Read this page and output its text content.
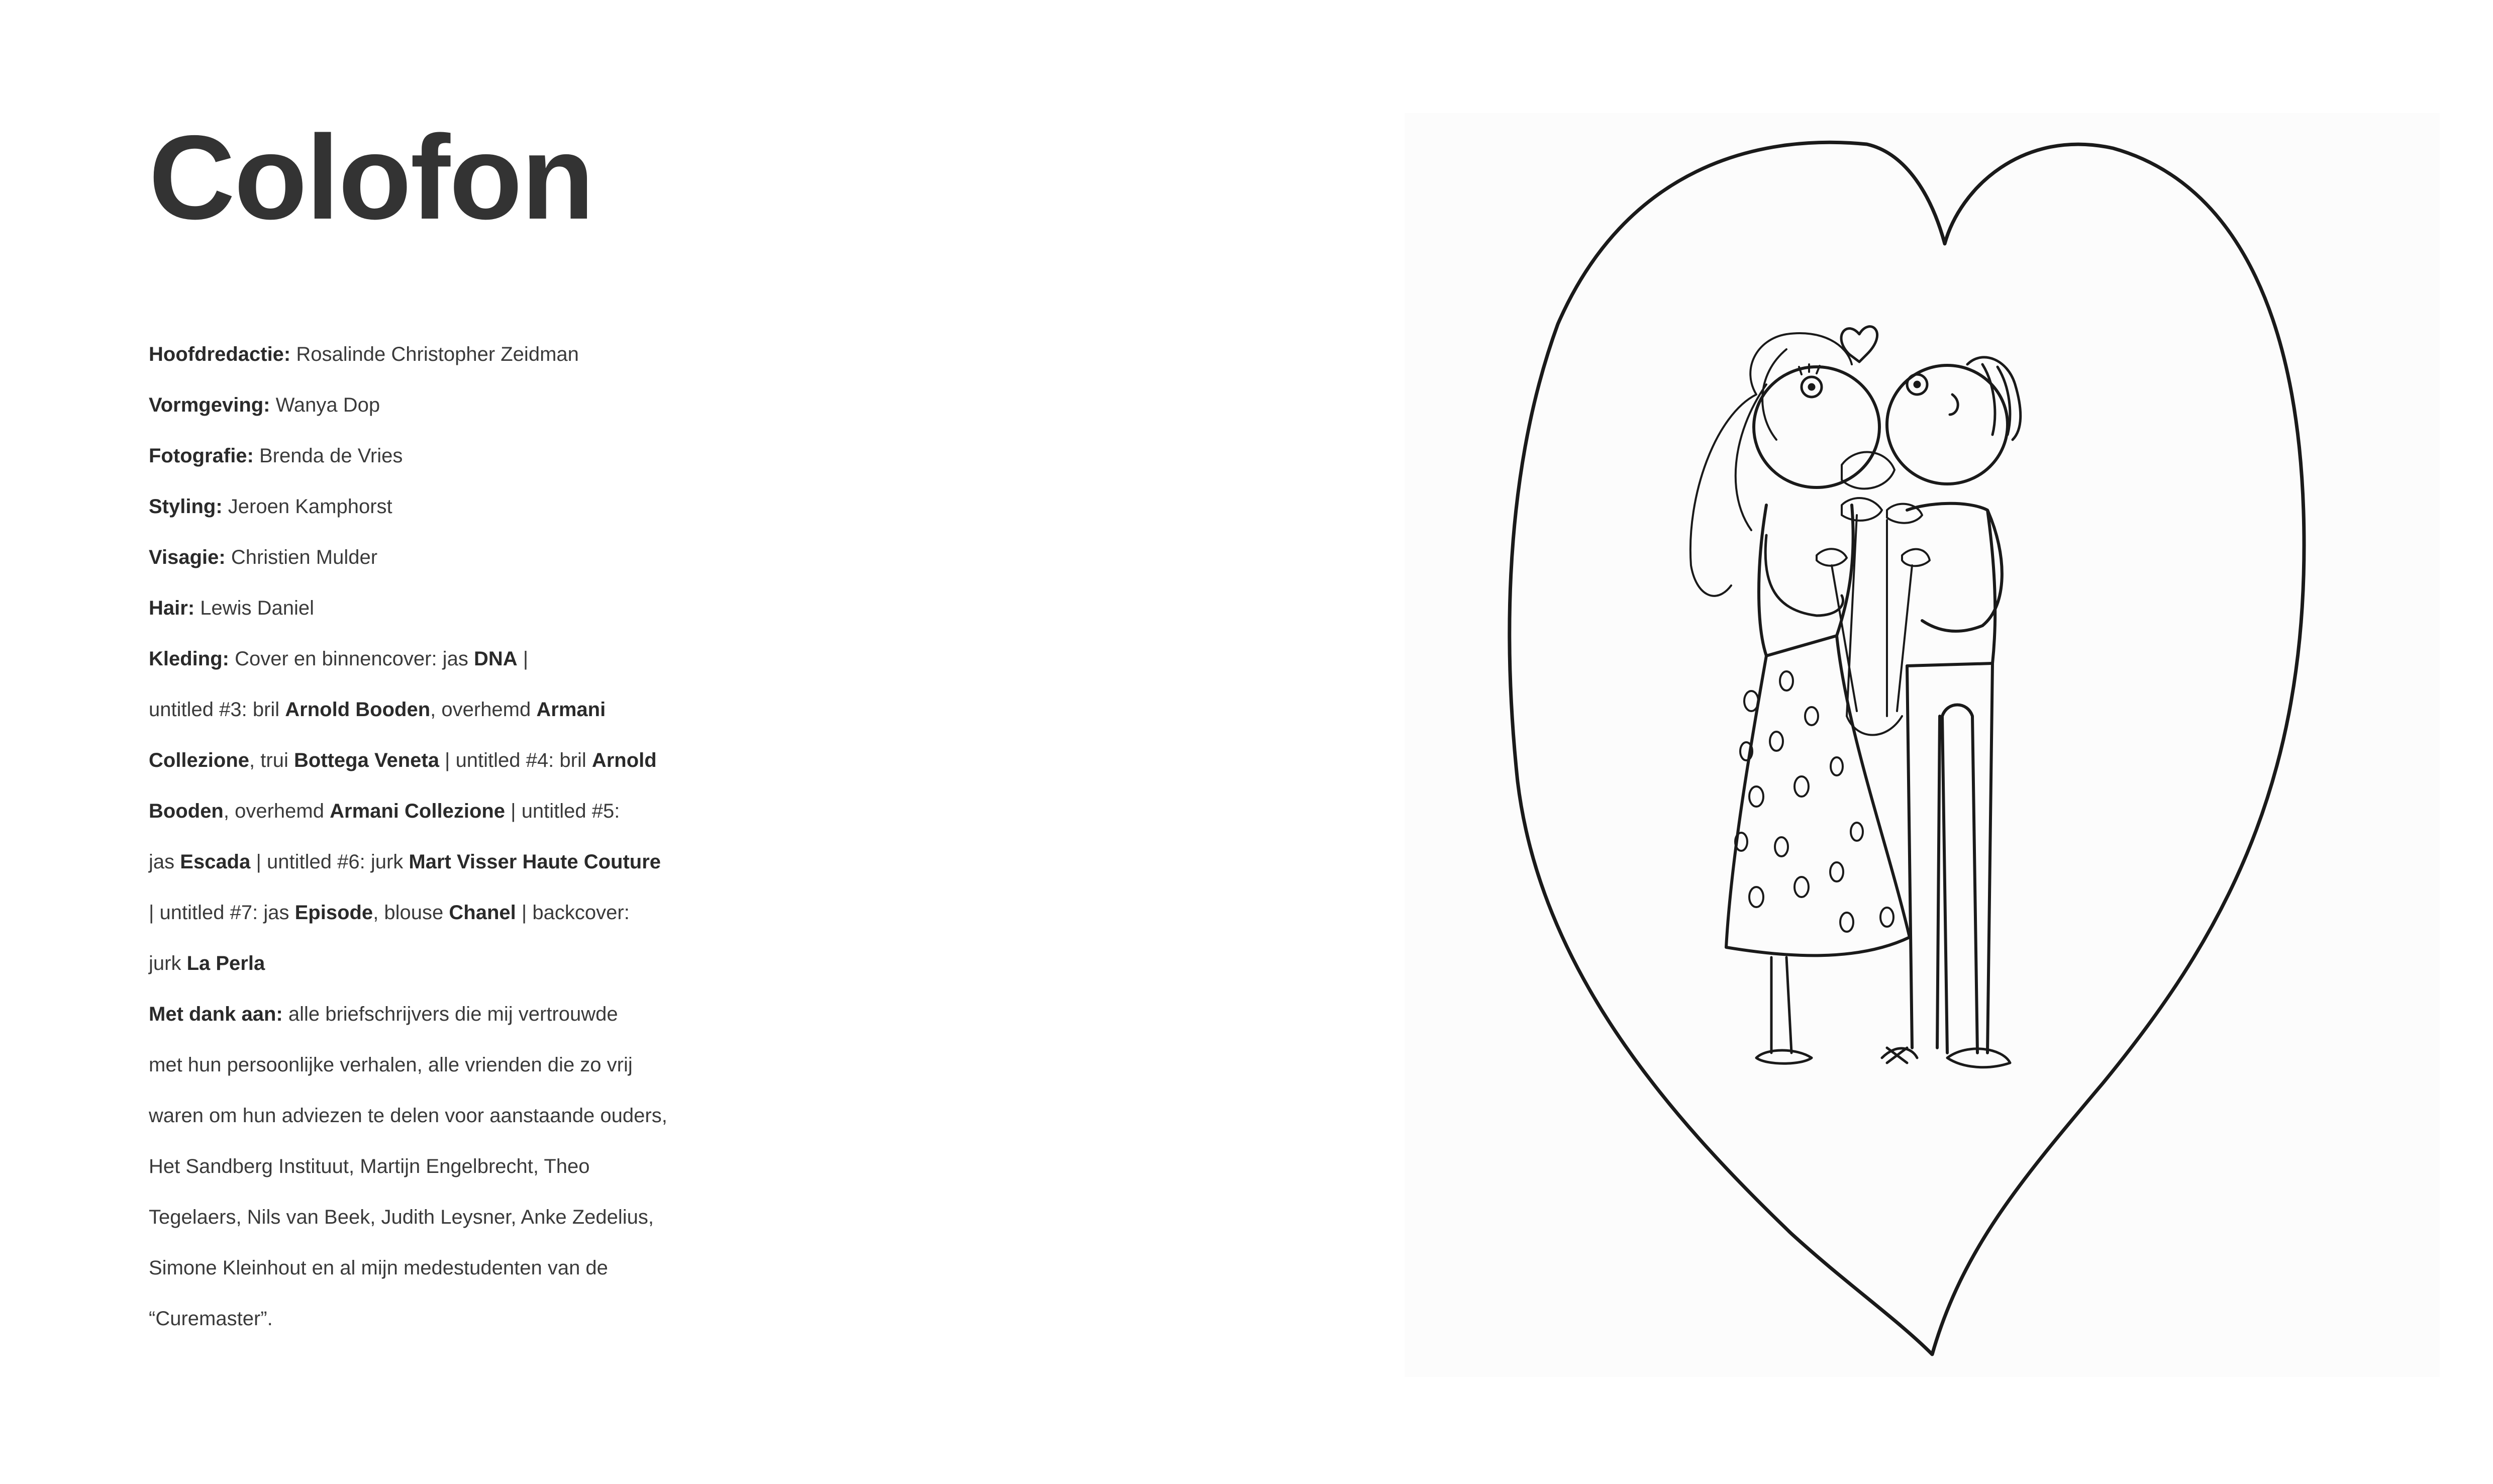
Colofon

Hoofdredactie: Rosalinde Christopher Zeidman

Vormgeving: Wanya Dop

Fotografie: Brenda de Vries

Styling: Jeroen Kamphorst

Visagie: Christien Mulder

Hair: Lewis Daniel

Kleding: Cover en binnencover: jas DNA |

untitled #3: bril Arnold Booden, overhemd Armani

Collezione, trui Bottega Veneta | untitled #4: bril Arnold

Booden, overhemd Armani Collezione | untitled #5:

jas Escada | untitled #6: jurk Mart Visser Haute Couture

| untitled #7: jas Episode, blouse Chanel | backcover:

jurk La Perla

Met dank aan: alle briefschrijvers die mij vertrouwde

met hun persoonlijke verhalen, alle vrienden die zo vrij

waren om hun adviezen te delen voor aanstaande ouders,

Het Sandberg Instituut, Martijn Engelbrecht, Theo

Tegelaers, Nils van Beek, Judith Leysner, Anke Zedelius,

Simone Kleinhout en al mijn medestudenten van de

“Curemaster”.
